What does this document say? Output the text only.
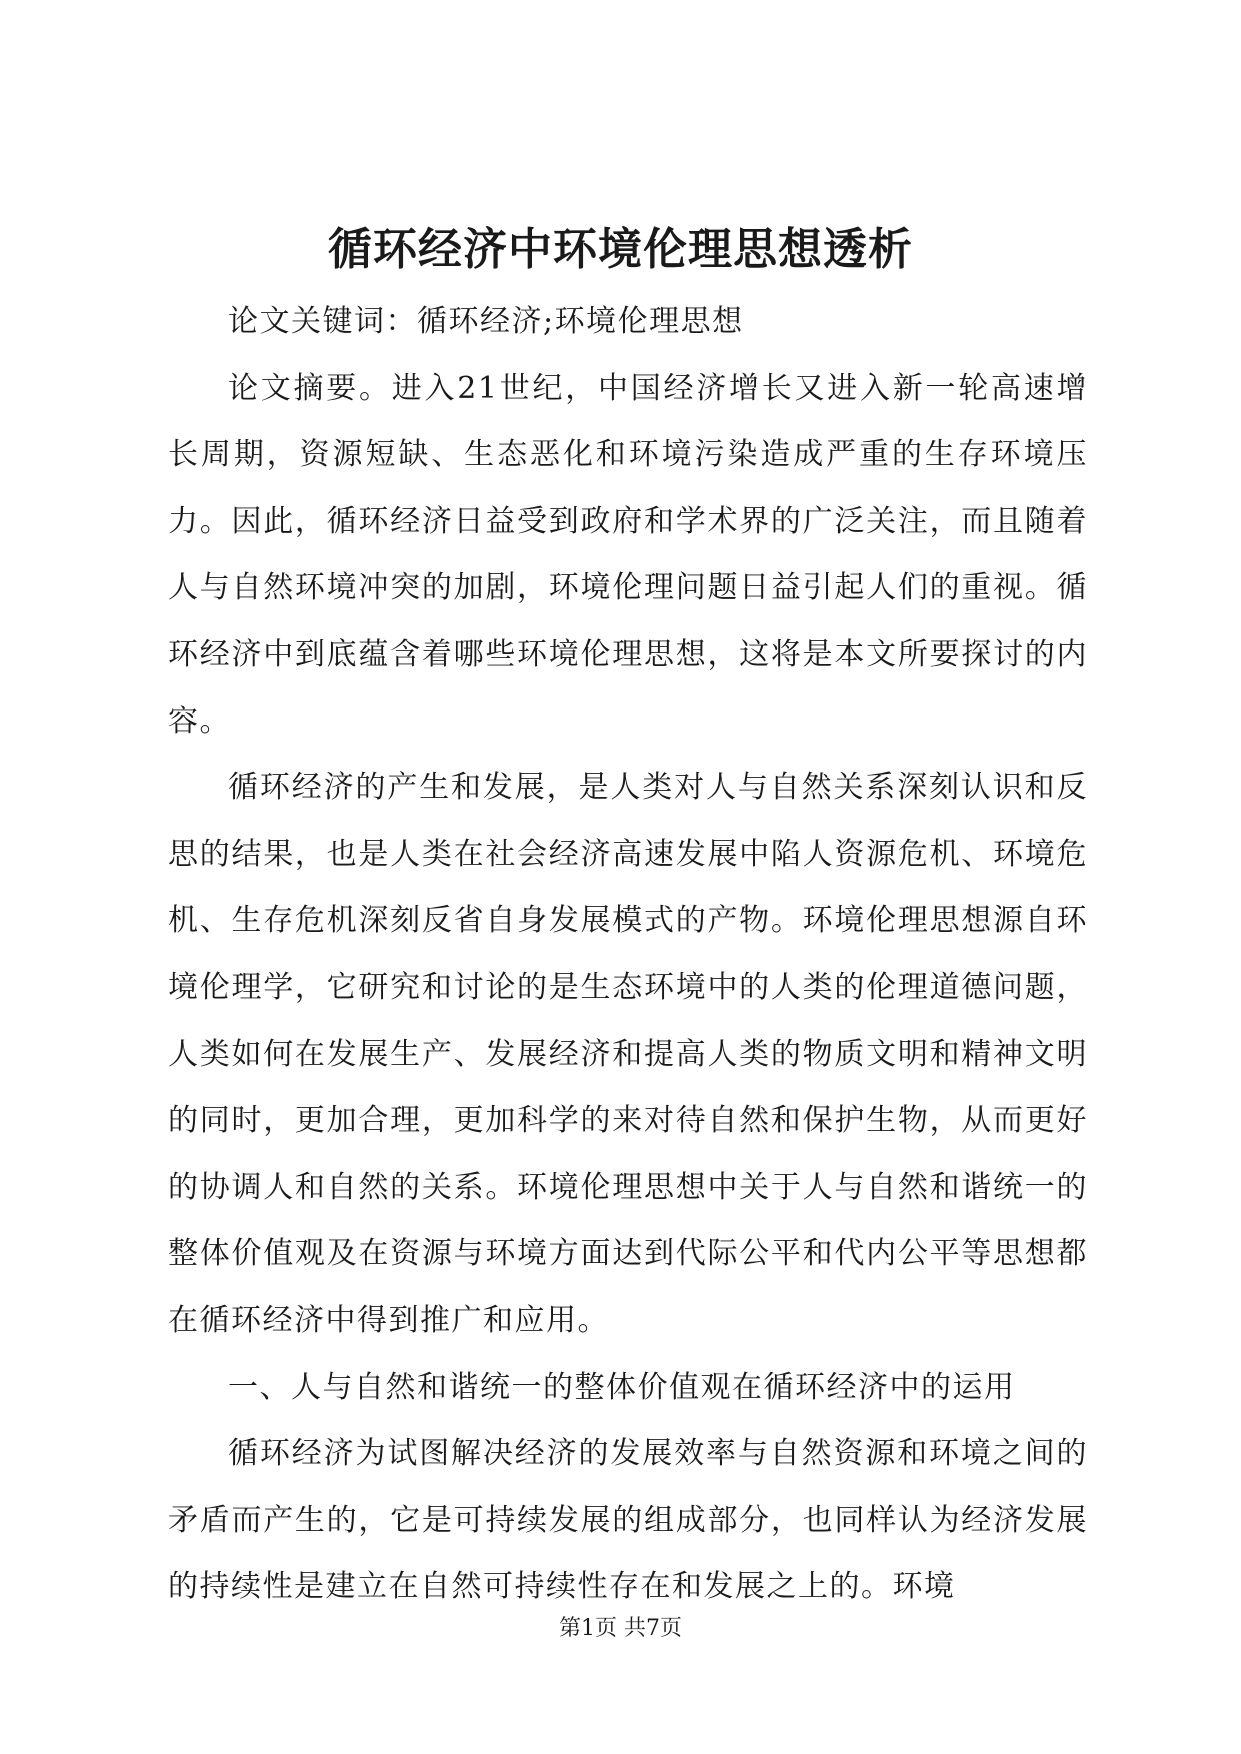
循环经济中环境伦理思想透析

论文关键词：循环经济;环境伦理思想

论文摘要。进入21世纪，中国经济增长又进入新一轮高速增长周期，资源短缺、生态恶化和环境污染造成严重的生存环境压力。因此，循环经济日益受到政府和学术界的广泛关注，而且随着人与自然环境冲突的加剧，环境伦理问题日益引起人们的重视。循环经济中到底蕴含着哪些环境伦理思想，这将是本文所要探讨的内容。

循环经济的产生和发展，是人类对人与自然关系深刻认识和反思的结果，也是人类在社会经济高速发展中陷人资源危机、环境危机、生存危机深刻反省自身发展模式的产物。环境伦理思想源自环境伦理学，它研究和讨论的是生态环境中的人类的伦理道德问题，人类如何在发展生产、发展经济和提高人类的物质文明和精神文明的同时，更加合理，更加科学的来对待自然和保护生物，从而更好的协调人和自然的关系。环境伦理思想中关于人与自然和谐统一的整体价值观及在资源与环境方面达到代际公平和代内公平等思想都在循环经济中得到推广和应用。

一、人与自然和谐统一的整体价值观在循环经济中的运用

循环经济为试图解决经济的发展效率与自然资源和环境之间的矛盾而产生的，它是可持续发展的组成部分，也同样认为经济发展的持续性是建立在自然可持续性存在和发展之上的。环境

第1页 共7页
